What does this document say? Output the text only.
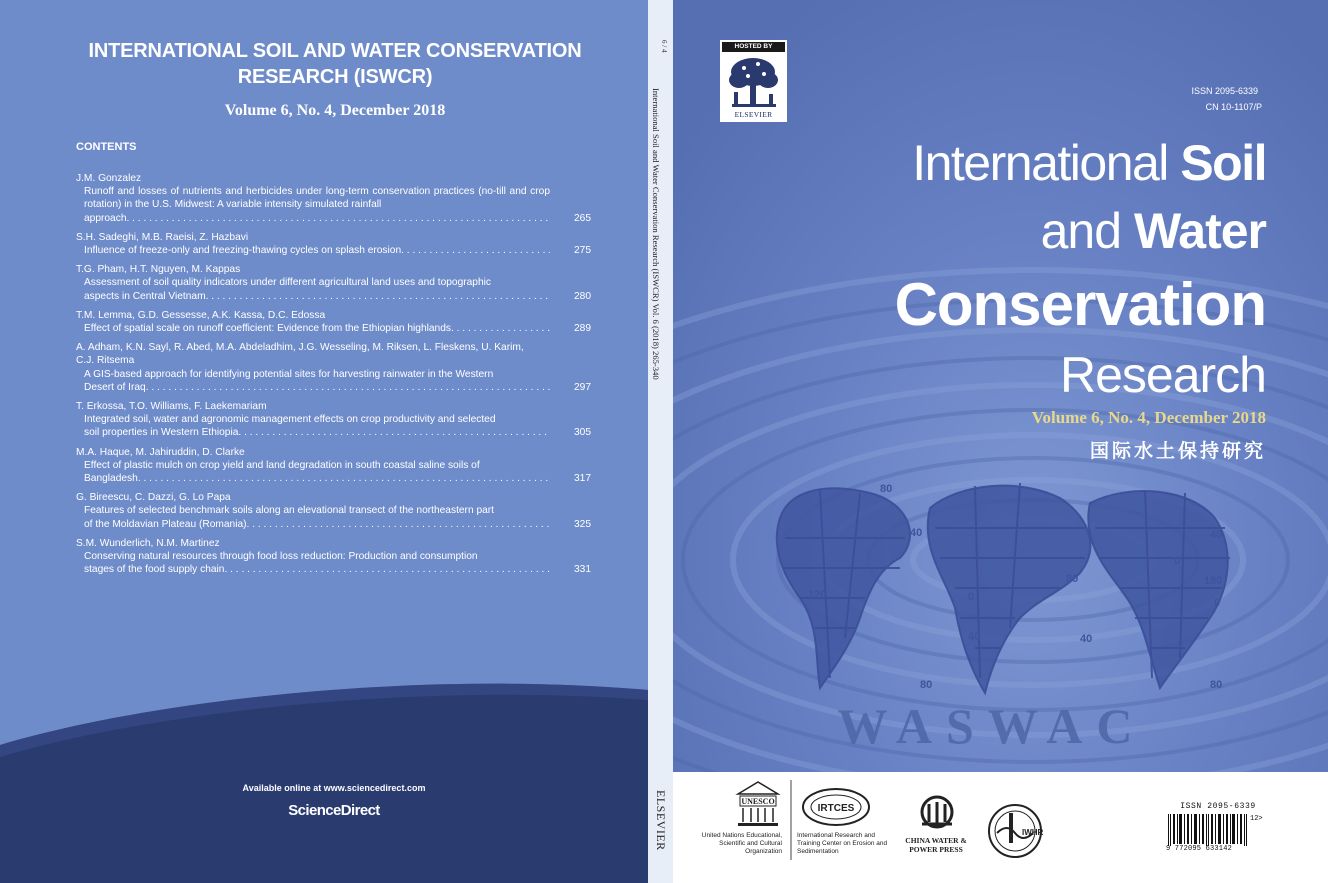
INTERNATIONAL SOIL AND WATER CONSERVATION RESEARCH (ISWCR)
Volume 6, No. 4, December 2018
CONTENTS
J.M. Gonzalez
Runoff and losses of nutrients and herbicides under long-term conservation practices (no-till and crop rotation) in the U.S. Midwest: A variable intensity simulated rainfall
approach . . .	265
S.H. Sadeghi, M.B. Raeisi, Z. Hazbavi
Influence of freeze-only and freezing-thawing cycles on splash erosion . . .	275
T.G. Pham, H.T. Nguyen, M. Kappas
Assessment of soil quality indicators under different agricultural land uses and topographic
aspects in Central Vietnam . . .	280
T.M. Lemma, G.D. Gessesse, A.K. Kassa, D.C. Edossa
Effect of spatial scale on runoff coefficient: Evidence from the Ethiopian highlands . . .	289
A. Adham, K.N. Sayl, R. Abed, M.A. Abdeladhim, J.G. Wesseling, M. Riksen, L. Fleskens, U. Karim, C.J. Ritsema
A GIS-based approach for identifying potential sites for harvesting rainwater in the Western
Desert of Iraq . . .	297
T. Erkossa, T.O. Williams, F. Laekemariam
Integrated soil, water and agronomic management effects on crop productivity and selected
soil properties in Western Ethiopia . . .	305
M.A. Haque, M. Jahiruddin, D. Clarke
Effect of plastic mulch on crop yield and land degradation in south coastal saline soils of
Bangladesh . . .	317
G. Bireescu, C. Dazzi, G. Lo Papa
Features of selected benchmark soils along an elevational transect of the northeastern part
of the Moldavian Plateau (Romania) . . .	325
S.M. Wunderlich, N.M. Martinez
Conserving natural resources through food loss reduction: Production and consumption
stages of the food supply chain . . .	331
Available online at www.sciencedirect.com
ScienceDirect
6 / 4
International Soil and Water Conservation Research (ISWCR) Vol. 6 (2018) 265-340
ELSEVIER
HOSTED BY
ELSEVIER
ISSN 2095-6339
CN 10-1107/P
International Soil
and Water
Conservation
Research
Volume 6, No. 4, December 2018
国际水土保持研究
80
40	40
0
80
120
0
180
40
80	80
40
0
WASWAC
UNESCO
United Nations Educational, Scientific and Cultural Organization
IRTCES
International Research and Training Center on Erosion and Sedimentation
CHINA WATER & POWER PRESS
IWHR
ISSN 2095-6339
12>
9 772095 633142
